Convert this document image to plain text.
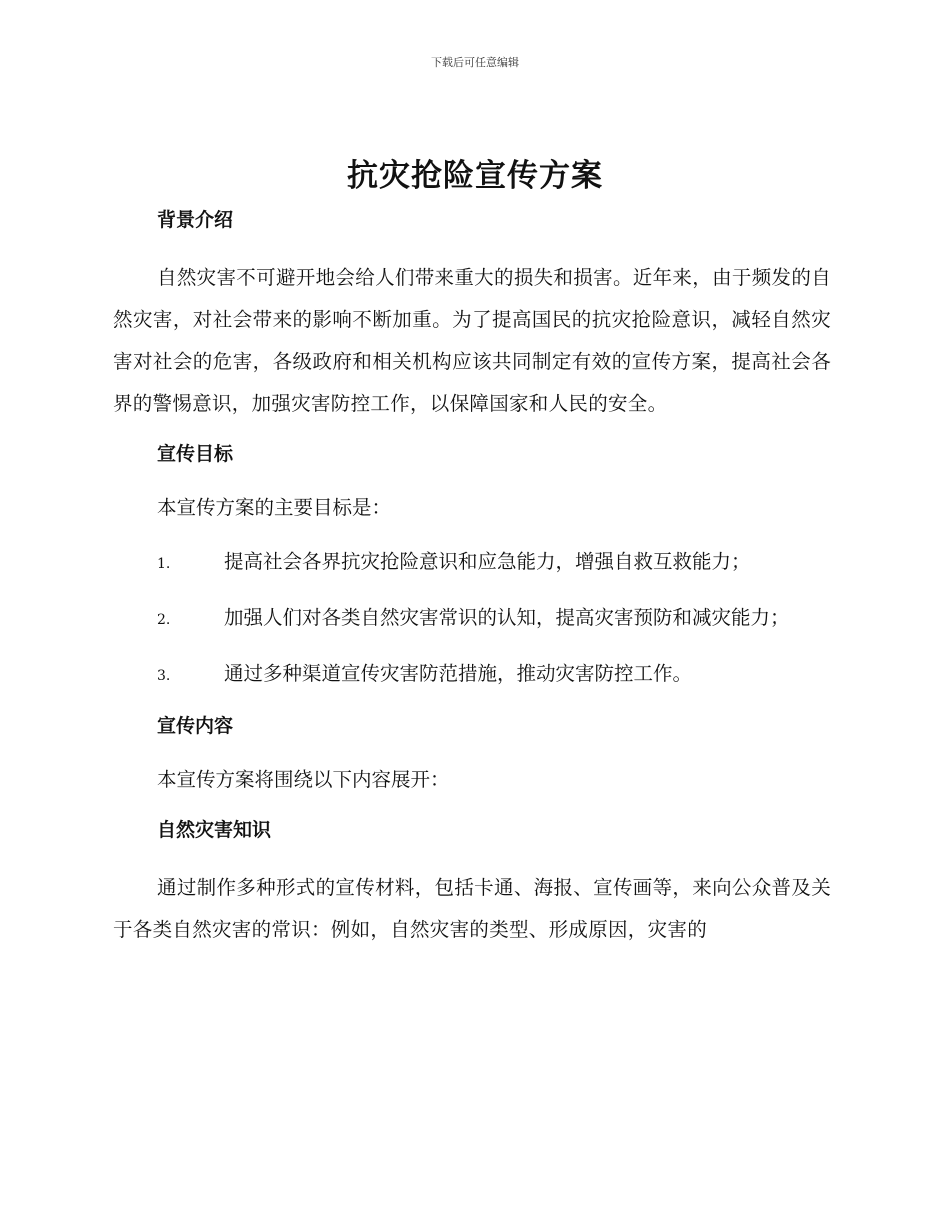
下载后可任意编辑
抗灾抢险宣传方案
背景介绍

自然灾害不可避开地会给人们带来重大的损失和损害。近年来，由于频发的自然灾害，对社会带来的影响不断加重。为了提高国民的抗灾抢险意识，减轻自然灾害对社会的危害，各级政府和相关机构应该共同制定有效的宣传方案，提高社会各界的警惕意识，加强灾害防控工作，以保障国家和人民的安全。

宣传目标

本宣传方案的主要目标是：

1.	提高社会各界抗灾抢险意识和应急能力，增强自救互救能力；

2.	加强人们对各类自然灾害常识的认知，提高灾害预防和减灾能力；

3.	通过多种渠道宣传灾害防范措施，推动灾害防控工作。

宣传内容

本宣传方案将围绕以下内容展开：

自然灾害知识

通过制作多种形式的宣传材料，包括卡通、海报、宣传画等，来向公众普及关于各类自然灾害的常识：例如，自然灾害的类型、形成原因，灾害的
